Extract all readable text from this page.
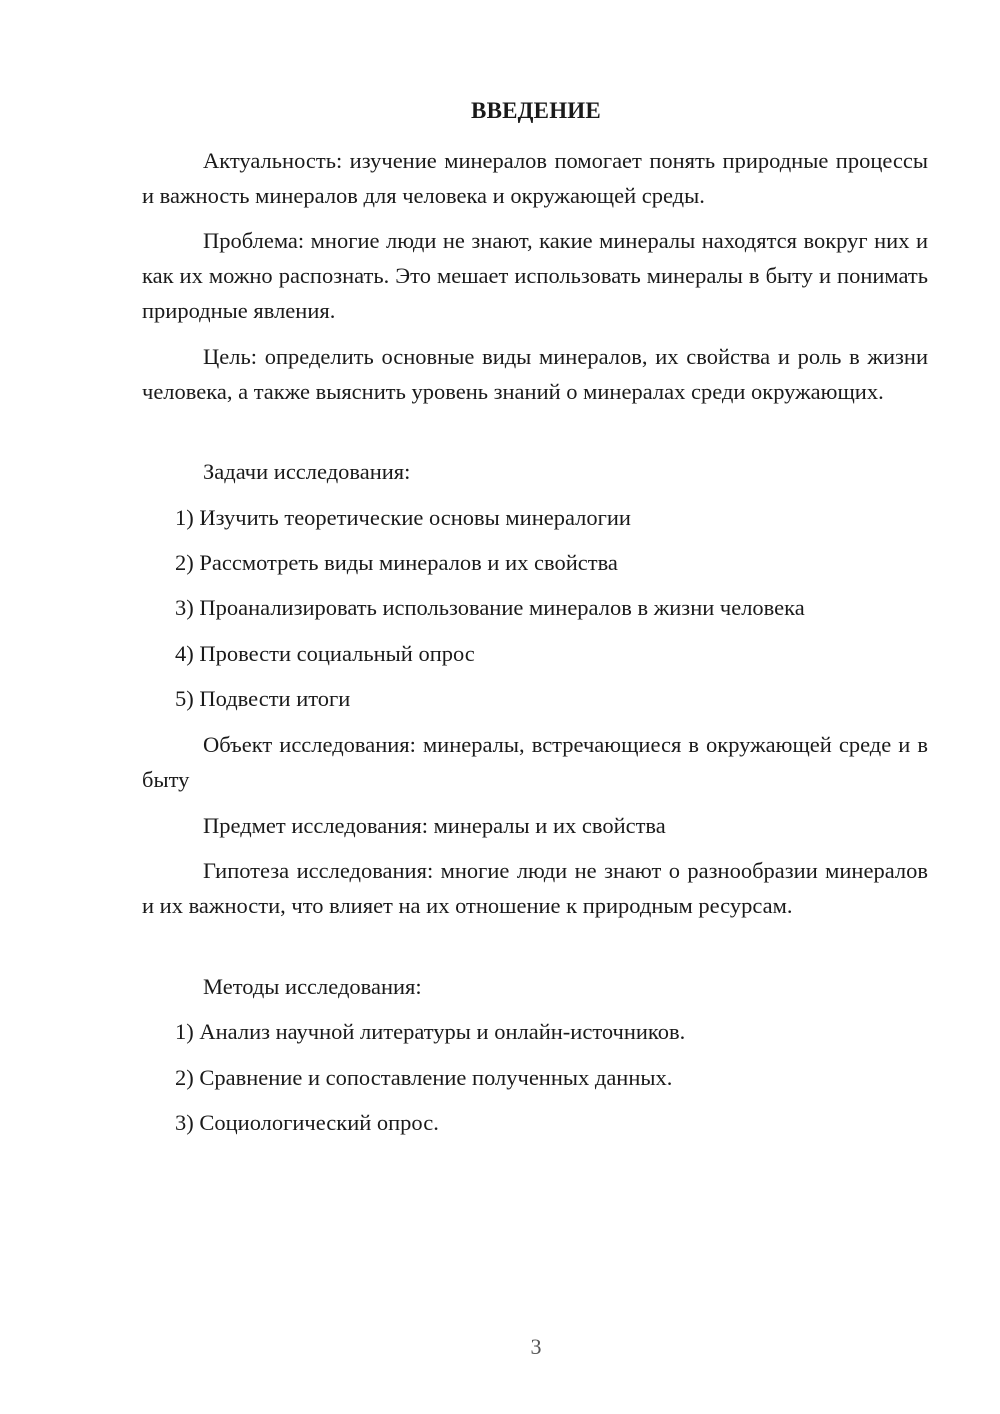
ВВЕДЕНИЕ

Актуальность: изучение минералов помогает понять природные процессы и важность минералов для человека и окружающей среды.

Проблема: многие люди не знают, какие минералы находятся вокруг них и как их можно распознать. Это мешает использовать минералы в быту и понимать природные явления.

Цель: определить основные виды минералов, их свойства и роль в жизни человека, а также выяснить уровень знаний о минералах среди окружающих.

Задачи исследования:

1) Изучить теоретические основы минералогии

2) Рассмотреть виды минералов и их свойства

3) Проанализировать использование минералов в жизни человека

4) Провести социальный опрос

5) Подвести итоги

Объект исследования: минералы, встречающиеся в окружающей среде и в быту

Предмет исследования: минералы и их свойства

Гипотеза исследования: многие люди не знают о разнообразии минералов и их важности, что влияет на их отношение к природным ресурсам.

Методы исследования:

1) Анализ научной литературы и онлайн-источников.

2) Сравнение и сопоставление полученных данных.

3) Социологический опрос.

3
